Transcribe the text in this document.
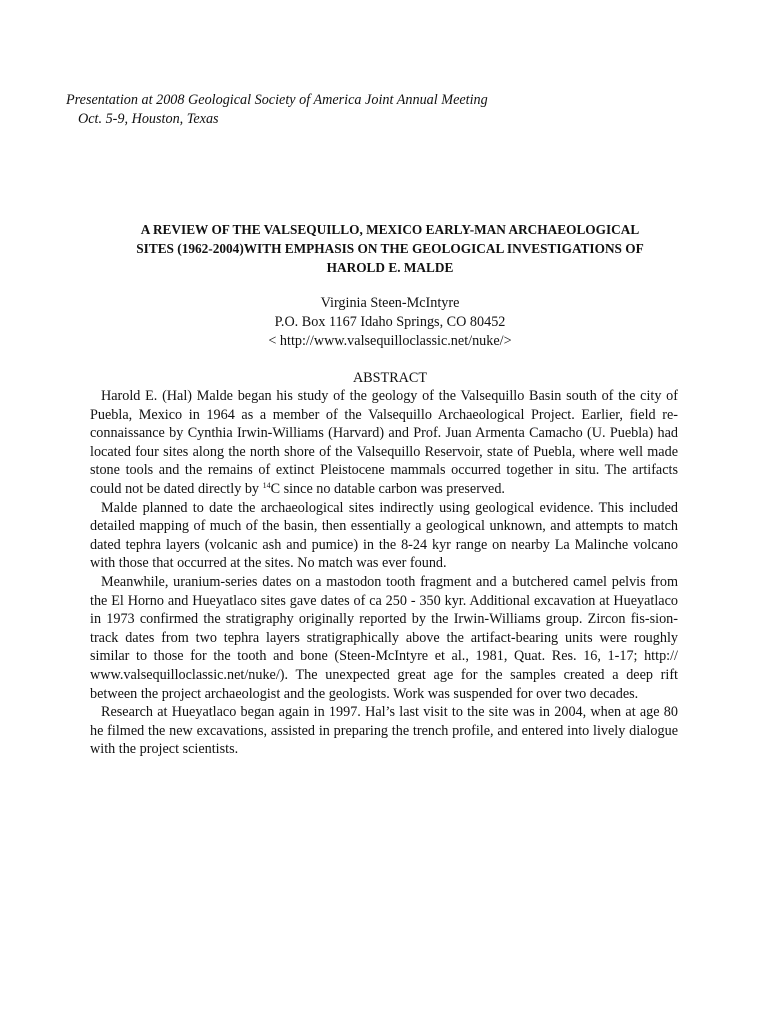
Presentation at 2008 Geological Society of America Joint Annual Meeting
Oct. 5-9, Houston, Texas
A REVIEW OF THE VALSEQUILLO, MEXICO EARLY-MAN ARCHAEOLOGICAL
SITES (1962-2004)WITH EMPHASIS ON THE GEOLOGICAL INVESTIGATIONS OF
HAROLD E. MALDE
Virginia Steen-McIntyre
P.O. Box 1167 Idaho Springs, CO 80452
< http://www.valsequilloclassic.net/nuke/>
ABSTRACT

Harold E. (Hal) Malde began his study of the geology of the Valsequillo Basin south of the city of Puebla, Mexico in 1964 as a member of the Valsequillo Archaeological Project. Earlier, field re-connaissance by Cynthia Irwin-Williams (Harvard) and Prof. Juan Armenta Camacho (U. Puebla) had located four sites along the north shore of the Valsequillo Reservoir, state of Puebla, where well made stone tools and the remains of extinct Pleistocene mammals occurred together in situ. The artifacts could not be dated directly by $^{14}$C since no datable carbon was preserved.

Malde planned to date the archaeological sites indirectly using geological evidence. This included detailed mapping of much of the basin, then essentially a geological unknown, and attempts to match dated tephra layers (volcanic ash and pumice) in the 8-24 kyr range on nearby La Malinche volcano with those that occurred at the sites. No match was ever found.

Meanwhile, uranium-series dates on a mastodon tooth fragment and a butchered camel pelvis from the El Horno and Hueyatlaco sites gave dates of ca 250 - 350 kyr. Additional excavation at Hueyatlaco in 1973 confirmed the stratigraphy originally reported by the Irwin-Williams group. Zircon fis-sion-track dates from two tephra layers stratigraphically above the artifact-bearing units were roughly similar to those for the tooth and bone (Steen-McIntyre et al., 1981, Quat. Res. 16, 1-17; http:// www.valsequilloclassic.net/nuke/). The unexpected great age for the samples created a deep rift between the project archaeologist and the geologists. Work was suspended for over two decades.

Research at Hueyatlaco began again in 1997. Hal’s last visit to the site was in 2004, when at age 80 he filmed the new excavations, assisted in preparing the trench profile, and entered into lively dialogue with the project scientists.
